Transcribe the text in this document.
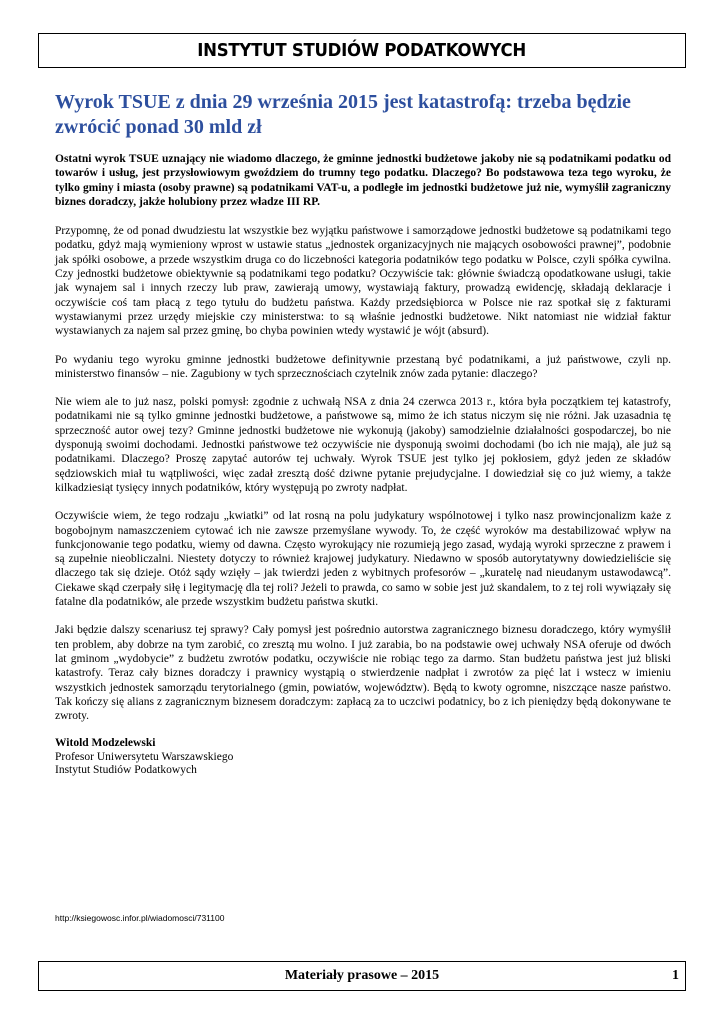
INSTYTUT STUDIÓW PODATKOWYCH
Wyrok TSUE z dnia 29 września 2015 jest katastrofą: trzeba będzie zwrócić ponad 30 mld zł

Ostatni wyrok TSUE uznający nie wiadomo dlaczego, że gminne jednostki budżetowe jakoby nie są podatnikami podatku od towarów i usług, jest przysłowiowym gwoździem do trumny tego podatku. Dlaczego? Bo podstawowa teza tego wyroku, że tylko gminy i miasta (osoby prawne) są podatnikami VAT-u, a podległe im jednostki budżetowe już nie, wymyślił zagraniczny biznes doradczy, jakże holubiony przez władze III RP.

Przypomnę, że od ponad dwudziestu lat wszystkie bez wyjątku państwowe i samorządowe jednostki budżetowe są podatnikami tego podatku, gdyż mają wymieniony wprost w ustawie status „jednostek organizacyjnych nie mających osobowości prawnej”, podobnie jak spółki osobowe, a przede wszystkim druga co do liczebności kategoria podatników tego podatku w Polsce, czyli spółka cywilna. Czy jednostki budżetowe obiektywnie są podatnikami tego podatku? Oczywiście tak: głównie świadczą opodatkowane usługi, takie jak wynajem sal i innych rzeczy lub praw, zawierają umowy, wystawiają faktury, prowadzą ewidencję, składają deklaracje i oczywiście coś tam płacą z tego tytułu do budżetu państwa. Każdy przedsiębiorca w Polsce nie raz spotkał się z fakturami wystawianymi przez urzędy miejskie czy ministerstwa: to są właśnie jednostki budżetowe. Nikt natomiast nie widział faktur wystawianych za najem sal przez gminę, bo chyba powinien wtedy wystawić je wójt (absurd).

Po wydaniu tego wyroku gminne jednostki budżetowe definitywnie przestaną być podatnikami, a już państwowe, czyli np. ministerstwo finansów – nie. Zagubiony w tych sprzecznościach czytelnik znów zada pytanie: dlaczego?

Nie wiem ale to już nasz, polski pomysł: zgodnie z uchwałą NSA z dnia 24 czerwca 2013 r., która była początkiem tej katastrofy, podatnikami nie są tylko gminne jednostki budżetowe, a państwowe są, mimo że ich status niczym się nie różni. Jak uzasadnia tę sprzeczność autor owej tezy? Gminne jednostki budżetowe nie wykonują (jakoby) samodzielnie działalności gospodarczej, bo nie dysponują swoimi dochodami. Jednostki państwowe też oczywiście nie dysponują swoimi dochodami (bo ich nie mają), ale już są podatnikami. Dlaczego? Proszę zapytać autorów tej uchwały. Wyrok TSUE jest tylko jej pokłosiem, gdyż jeden ze składów sędziowskich miał tu wątpliwości, więc zadał zresztą dość dziwne pytanie prejudycjalne. I dowiedział się co już wiemy, a także kilkadziesiąt tysięcy innych podatników, który występują po zwroty nadpłat.

Oczywiście wiem, że tego rodzaju „kwiatki” od lat rosną na polu judykatury wspólnotowej i tylko nasz prowincjonalizm każe z bogobojnym namaszczeniem cytować ich nie zawsze przemyślane wywody. To, że część wyroków ma destabilizować wpływ na funkcjonowanie tego podatku, wiemy od dawna. Często wyrokujący nie rozumieją jego zasad, wydają wyroki sprzeczne z prawem i są zupełnie nieobliczalni. Niestety dotyczy to również krajowej judykatury. Niedawno w sposób autorytatywny dowiedzieliście się dlaczego tak się dzieje. Otóż sądy wzięły – jak twierdzi jeden z wybitnych profesorów – „kuratelę nad nieudanym ustawodawcą”. Ciekawe skąd czerpały siłę i legitymację dla tej roli? Jeżeli to prawda, co samo w sobie jest już skandalem, to z tej roli wywiązały się fatalne dla podatników, ale przede wszystkim budżetu państwa skutki.

Jaki będzie dalszy scenariusz tej sprawy? Cały pomysł jest pośrednio autorstwa zagranicznego biznesu doradczego, który wymyślił ten problem, aby dobrze na tym zarobić, co zresztą mu wolno. I już zarabia, bo na podstawie owej uchwały NSA oferuje od dwóch lat gminom „wydobycie” z budżetu zwrotów podatku, oczywiście nie robiąc tego za darmo. Stan budżetu państwa jest już bliski katastrofy. Teraz cały biznes doradczy i prawnicy wystąpią o stwierdzenie nadpłat i zwrotów za pięć lat i wstecz w imieniu wszystkich jednostek samorządu terytorialnego (gmin, powiatów, województw). Będą to kwoty ogromne, niszczące nasze państwo. Tak kończy się alians z zagranicznym biznesem doradczym: zapłacą za to uczciwi podatnicy, bo z ich pieniędzy będą dokonywane te zwroty.

Witold Modzelewski
Profesor Uniwersytetu Warszawskiego
Instytut Studiów Podatkowych
http://ksiegowosc.infor.pl/wiadomosci/731100
Materiały prasowe – 2015	1
